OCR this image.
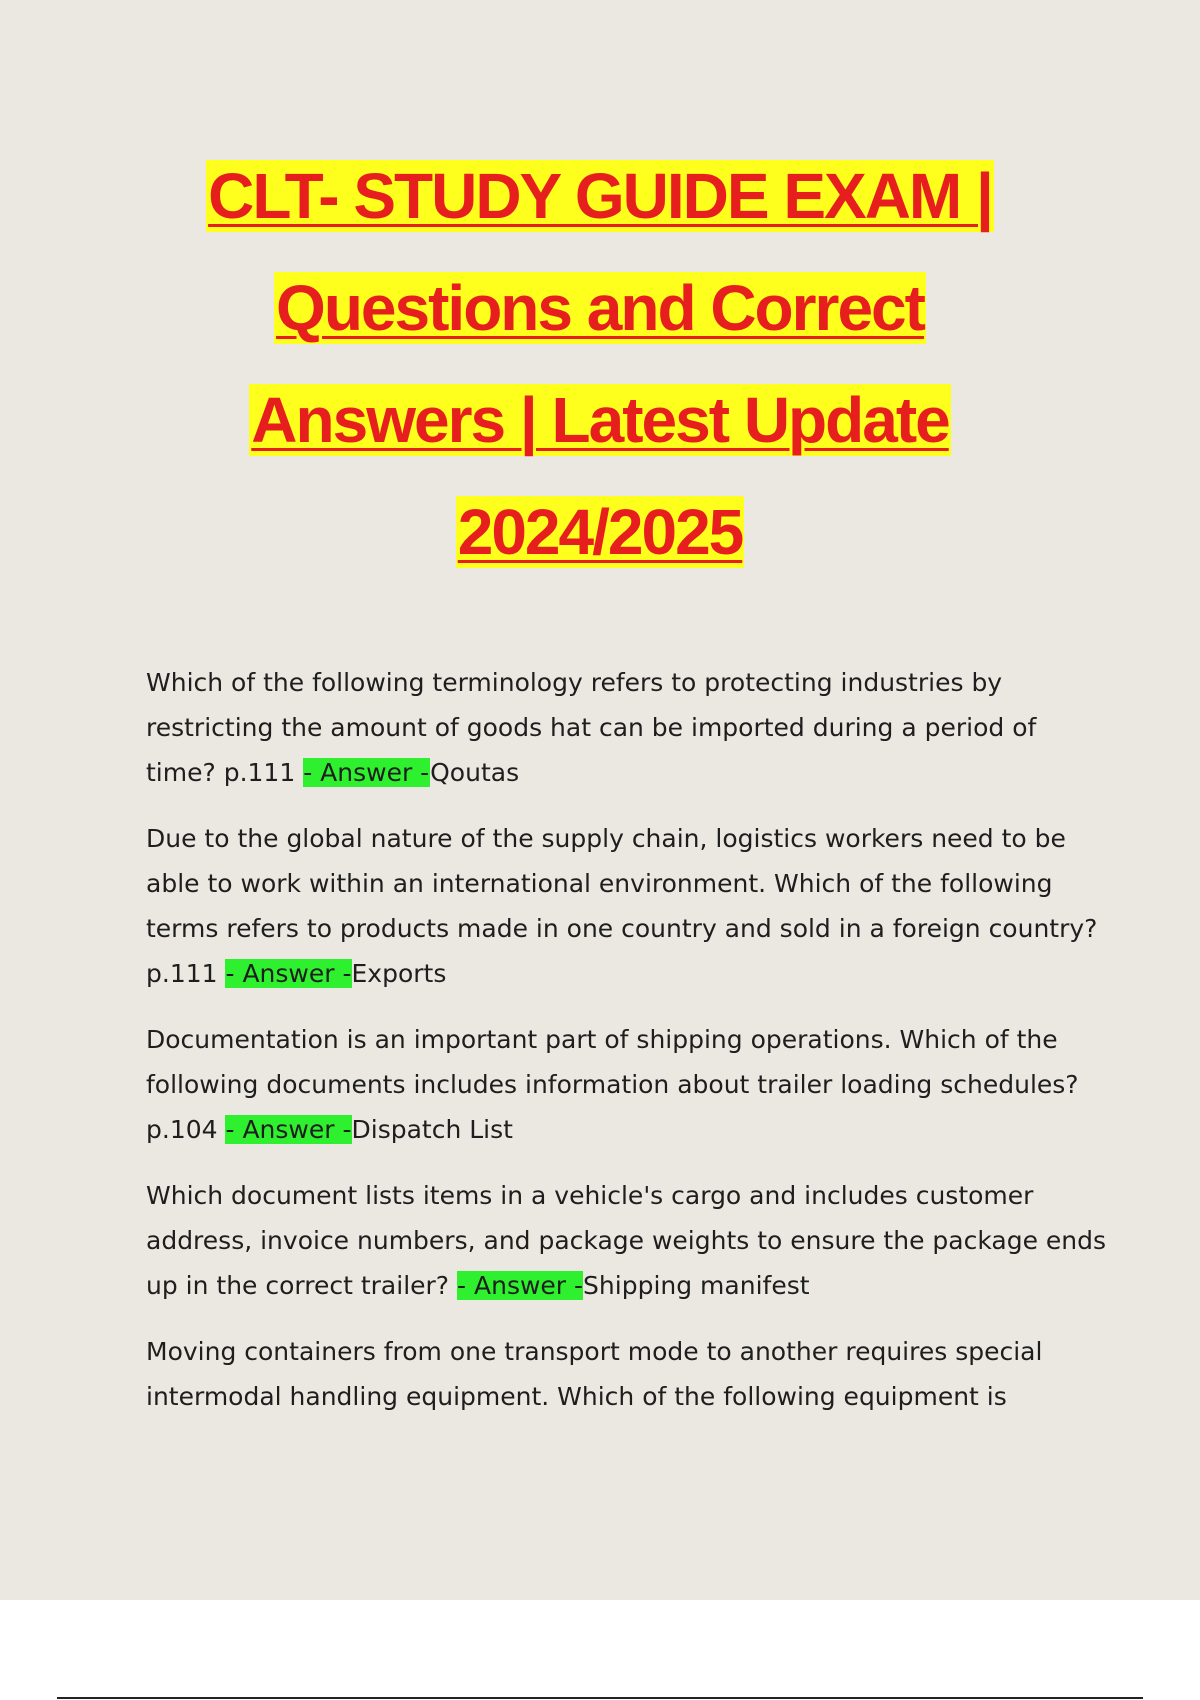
CLT- STUDY GUIDE EXAM |
Questions and Correct
Answers | Latest Update
2024/2025

Which of the following terminology refers to protecting industries by restricting the amount of goods hat can be imported during a period of time? p.111 - Answer -Qoutas

Due to the global nature of the supply chain, logistics workers need to be able to work within an international environment. Which of the following terms refers to products made in one country and sold in a foreign country? p.111 - Answer -Exports

Documentation is an important part of shipping operations. Which of the following documents includes information about trailer loading schedules? p.104 - Answer -Dispatch List

Which document lists items in a vehicle's cargo and includes customer address, invoice numbers, and package weights to ensure the package ends up in the correct trailer? - Answer -Shipping manifest

Moving containers from one transport mode to another requires special intermodal handling equipment. Which of the following equipment is
